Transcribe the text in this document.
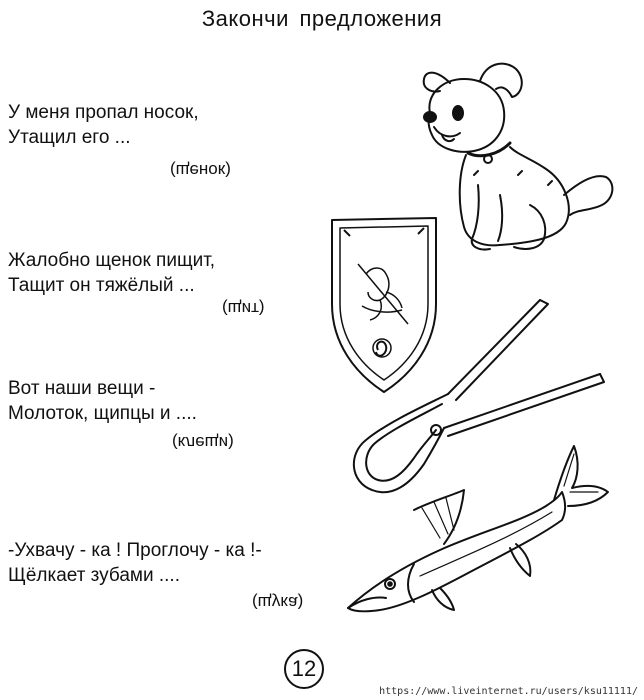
Закончи предложения
У меня пропал носок,
Утащил его ...
(щенок)
Жалобно щенок пищит,
Тащит он тяжёлый ...
(щит)
Вот наши вещи -
Молоток, щипцы и ....
(клещи)
-Ухвачу - ка ! Проглочу - ка !-
Щёлкает зубами ....
(щука)
12
https://www.liveinternet.ru/users/ksu11111/
